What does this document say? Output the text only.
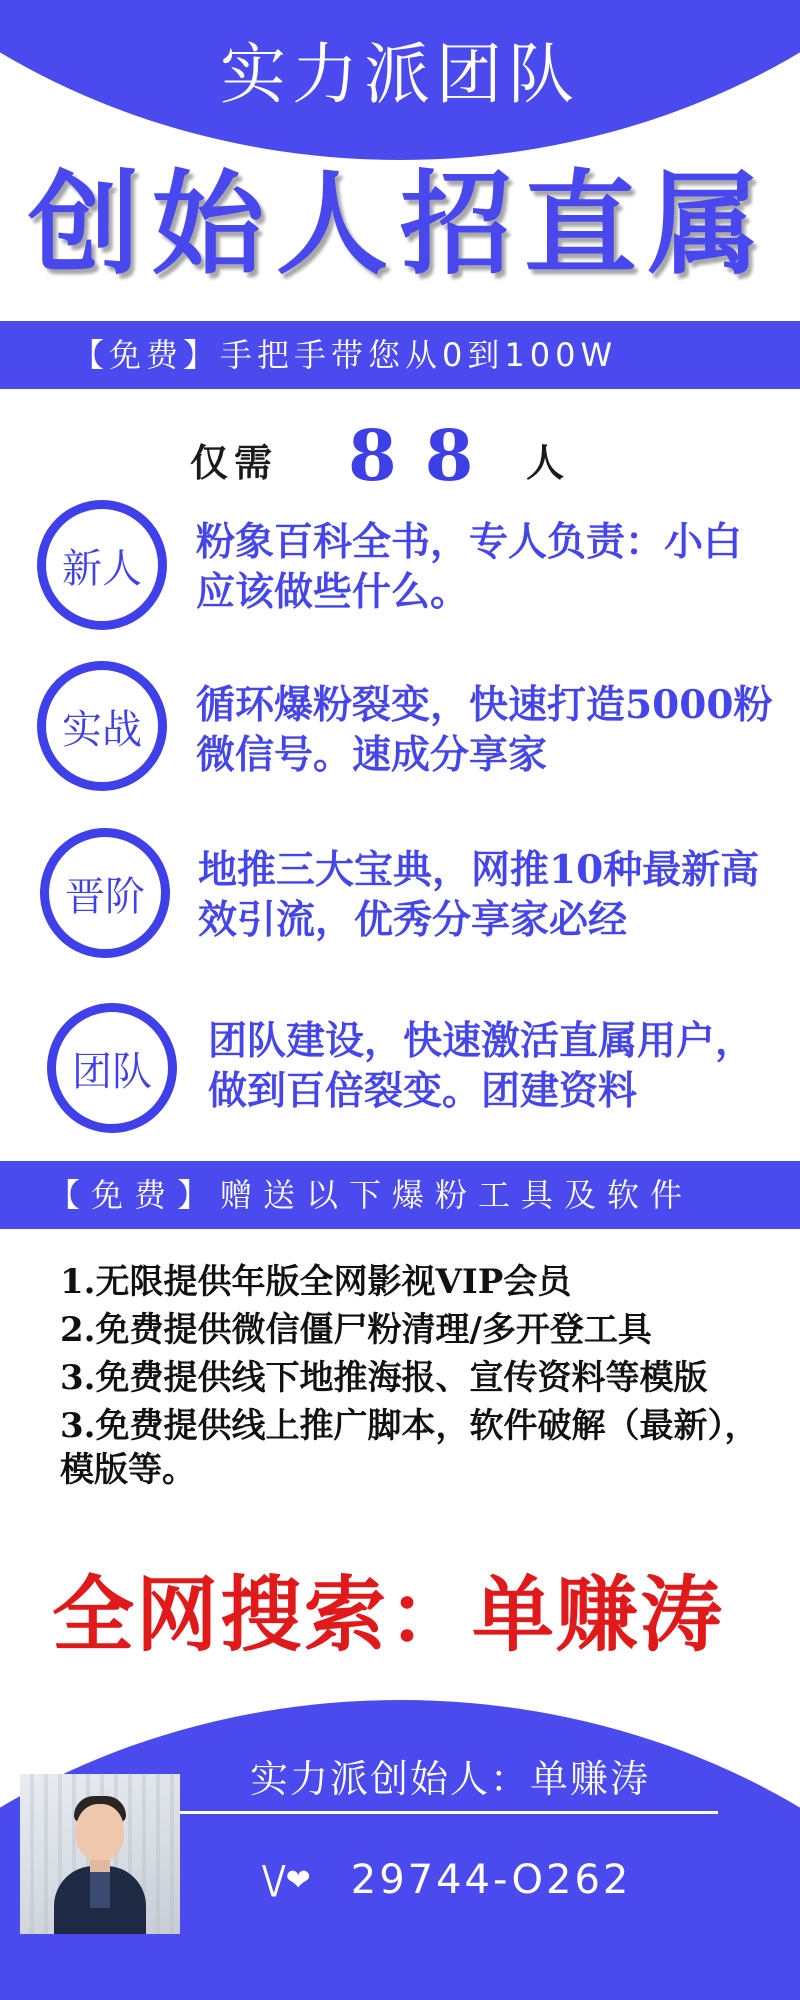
实力派团队
创始人招直属
【免费】手把手带您从0到100W
仅需 88 人
新人
粉象百科全书，专人负责：小白应该做些什么。
实战
循环爆粉裂变，快速打造5000粉微信号。速成分享家
晋阶
地推三大宝典，网推10种最新高效引流，优秀分享家必经
团队
团队建设，快速激活直属用户，做到百倍裂变。团建资料
【免费】赠送以下爆粉工具及软件
1.无限提供年版全网影视VIP会员
2.免费提供微信僵尸粉清理/多开登工具
3.免费提供线下地推海报、宣传资料等模版
3.免费提供线上推广脚本，软件破解（最新），模版等。
全网搜索：单赚涛
实力派创始人：单赚涛
\/ ❤ 29744-O262
